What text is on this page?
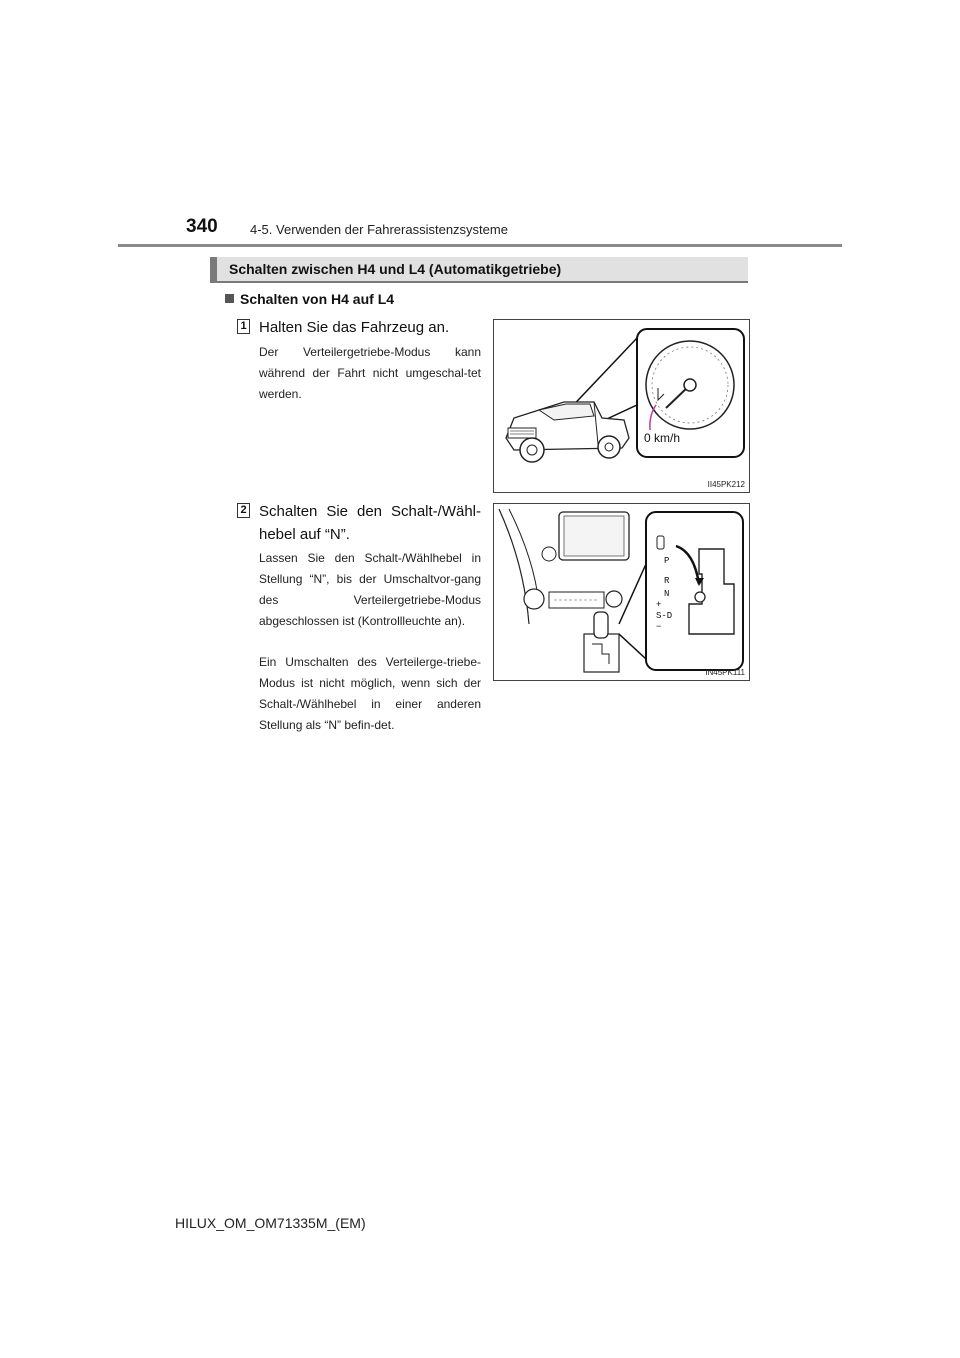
340 4-5. Verwenden der Fahrerassistenzsysteme
Schalten zwischen H4 und L4 (Automatikgetriebe)
Schalten von H4 auf L4
1 Halten Sie das Fahrzeug an.
Der Verteilergetriebe-Modus kann während der Fahrt nicht umgeschal-tet werden.
0 km/h
II45PK212
2 Schalten Sie den Schalt-/Wähl-hebel auf “N”.
Lassen Sie den Schalt-/Wählhebel in Stellung “N”, bis der Umschaltvor-gang des Verteilergetriebe-Modus abgeschlossen ist (Kontrollleuchte an).
Ein Umschalten des Verteilerge-triebe-Modus ist nicht möglich, wenn sich der Schalt-/Wählhebel in einer anderen Stellung als “N” befin-det.
P
R
N
+
S-D
−
IN45PK111
HILUX_OM_OM71335M_(EM)
